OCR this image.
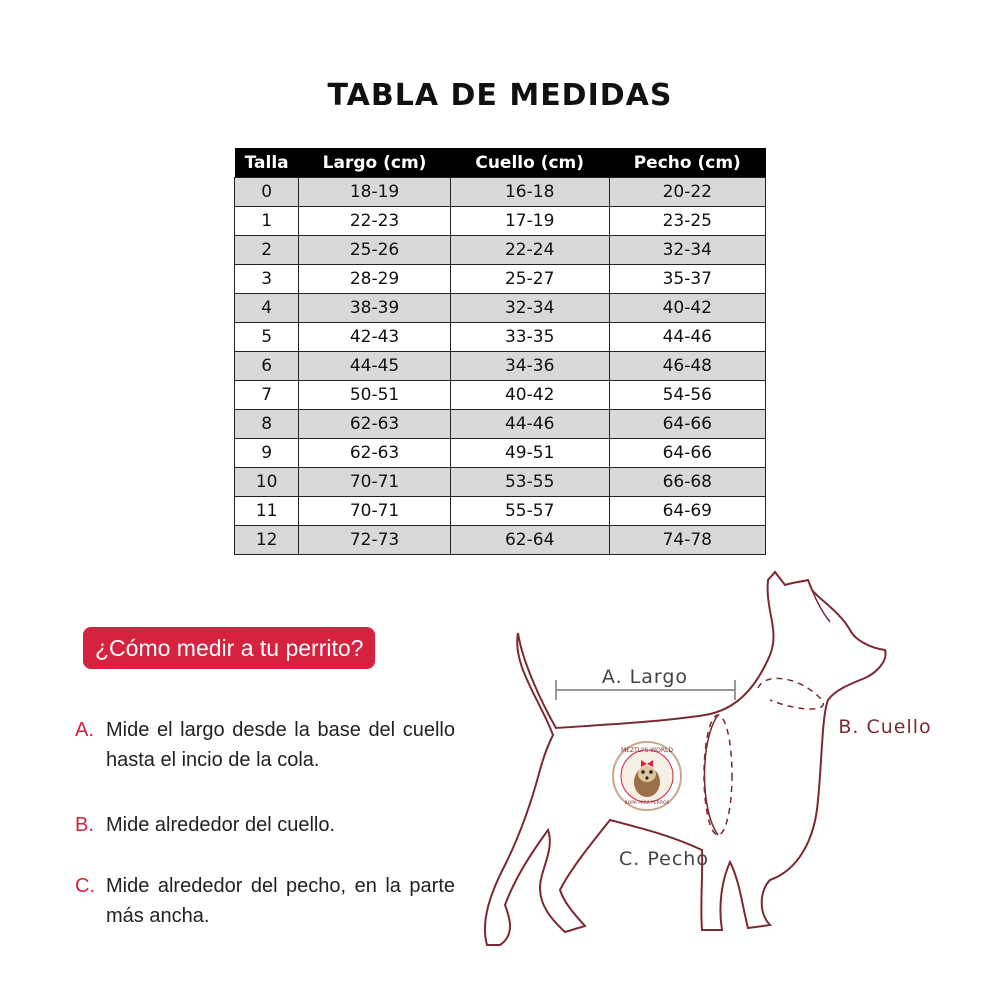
TABLA DE MEDIDAS
Talla	Largo (cm)	Cuello (cm)	Pecho (cm)
0	18-19	16-18	20-22
1	22-23	17-19	23-25
2	25-26	22-24	32-34
3	28-29	25-27	35-37
4	38-39	32-34	40-42
5	42-43	33-35	44-46
6	44-45	34-36	46-48
7	50-51	40-42	54-56
8	62-63	44-46	64-66
9	62-63	49-51	64-66
10	70-71	53-55	66-68
11	70-71	55-57	64-69
12	72-73	62-64	74-78
¿Cómo medir a tu perrito?
A. Mide el largo desde la base del cuello hasta el incio de la cola.
B. Mide alrededor del cuello.
C. Mide alrededor del pecho, en la parte más ancha.
MEZTLI'S WORLD
ROPA PARA PERROS
A. Largo
B. Cuello
C. Pecho
